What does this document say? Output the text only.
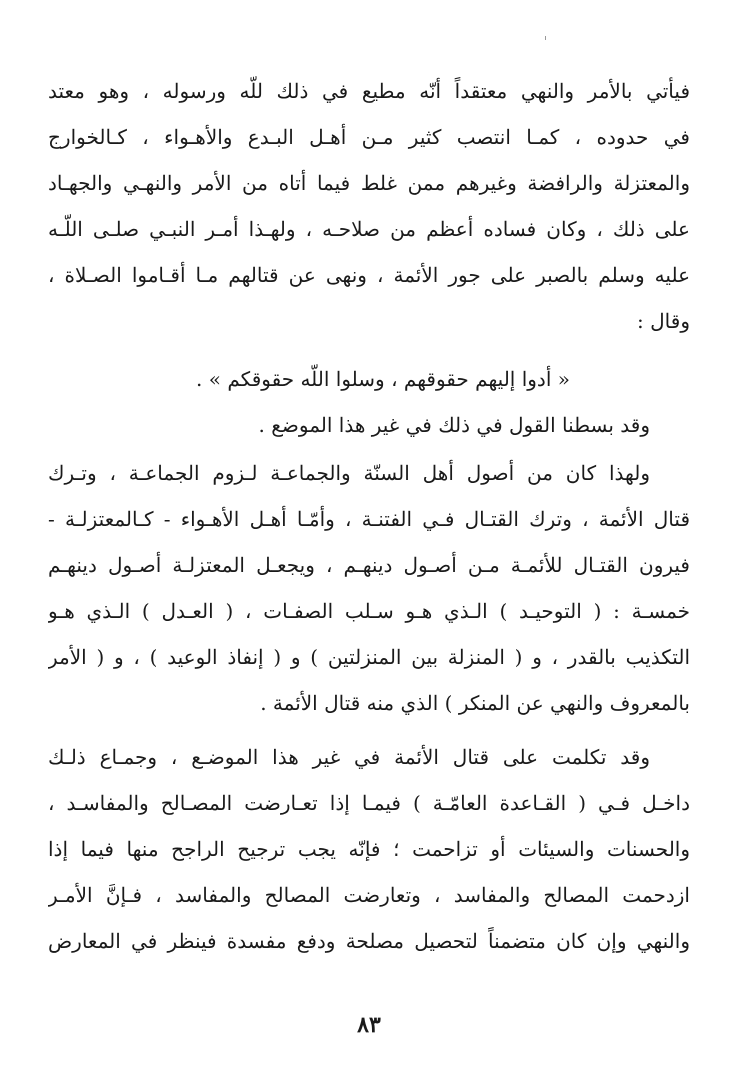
فيأتي بالأمر والنهي معتقداً أنّه مطيع في ذلك للّه ورسوله ، وهو معتد
في حدوده ، كمـا انتصب كثير مـن أهـل البـدع والأهـواء ، كـالخوارج
والمعتزلة والرافضة وغيرهم ممن غلط فيما أتاه من الأمر والنهـي والجهـاد
على ذلك ، وكان فساده أعظم من صلاحـه ، ولهـذا أمـر النبـي صلـى اللّـه
عليه وسلم بالصبر على جور الأئمة ، ونهى عن قتالهم مـا أقـاموا الصـلاة ،
وقال :
« أدوا إليهم حقوقهم ، وسلوا اللّه حقوقكم » .
وقد بسطنا القول في ذلك في غير هذا الموضع .
ولهذا كان من أصول أهل السنّة والجماعـة لـزوم الجماعـة ، وتـرك
قتال الأئمة ، وترك القتـال فـي الفتنـة ، وأمّـا أهـل الأهـواء - كـالمعتزلـة -
فيرون القتـال للأئمـة مـن أصـول دينهـم ، ويجعـل المعتزلـة أصـول دينهـم
خمسـة : ( التوحيـد ) الـذي هـو سـلب الصفـات ، ( العـدل ) الـذي هـو
التكذيب بالقدر ، و ( المنزلة بين المنزلتين ) و ( إنفاذ الوعيد ) ، و ( الأمر
بالمعروف والنهي عن المنكر ) الذي منه قتال الأئمة .
وقد تكلمت على قتال الأئمة في غير هذا الموضـع ، وجمـاع ذلـك
داخـل فـي ( القـاعدة العامّـة ) فيمـا إذا تعـارضت المصـالح والمفاسـد ،
والحسنات والسيئات أو تزاحمت ؛ فإنّه يجب ترجيح الراجح منها فيما إذا
ازدحمت المصالح والمفاسد ، وتعارضت المصالح والمفاسد ، فـإنَّ الأمـر
والنهي وإن كان متضمناً لتحصيل مصلحة ودفع مفسدة فينظر في المعارض
٨٣
